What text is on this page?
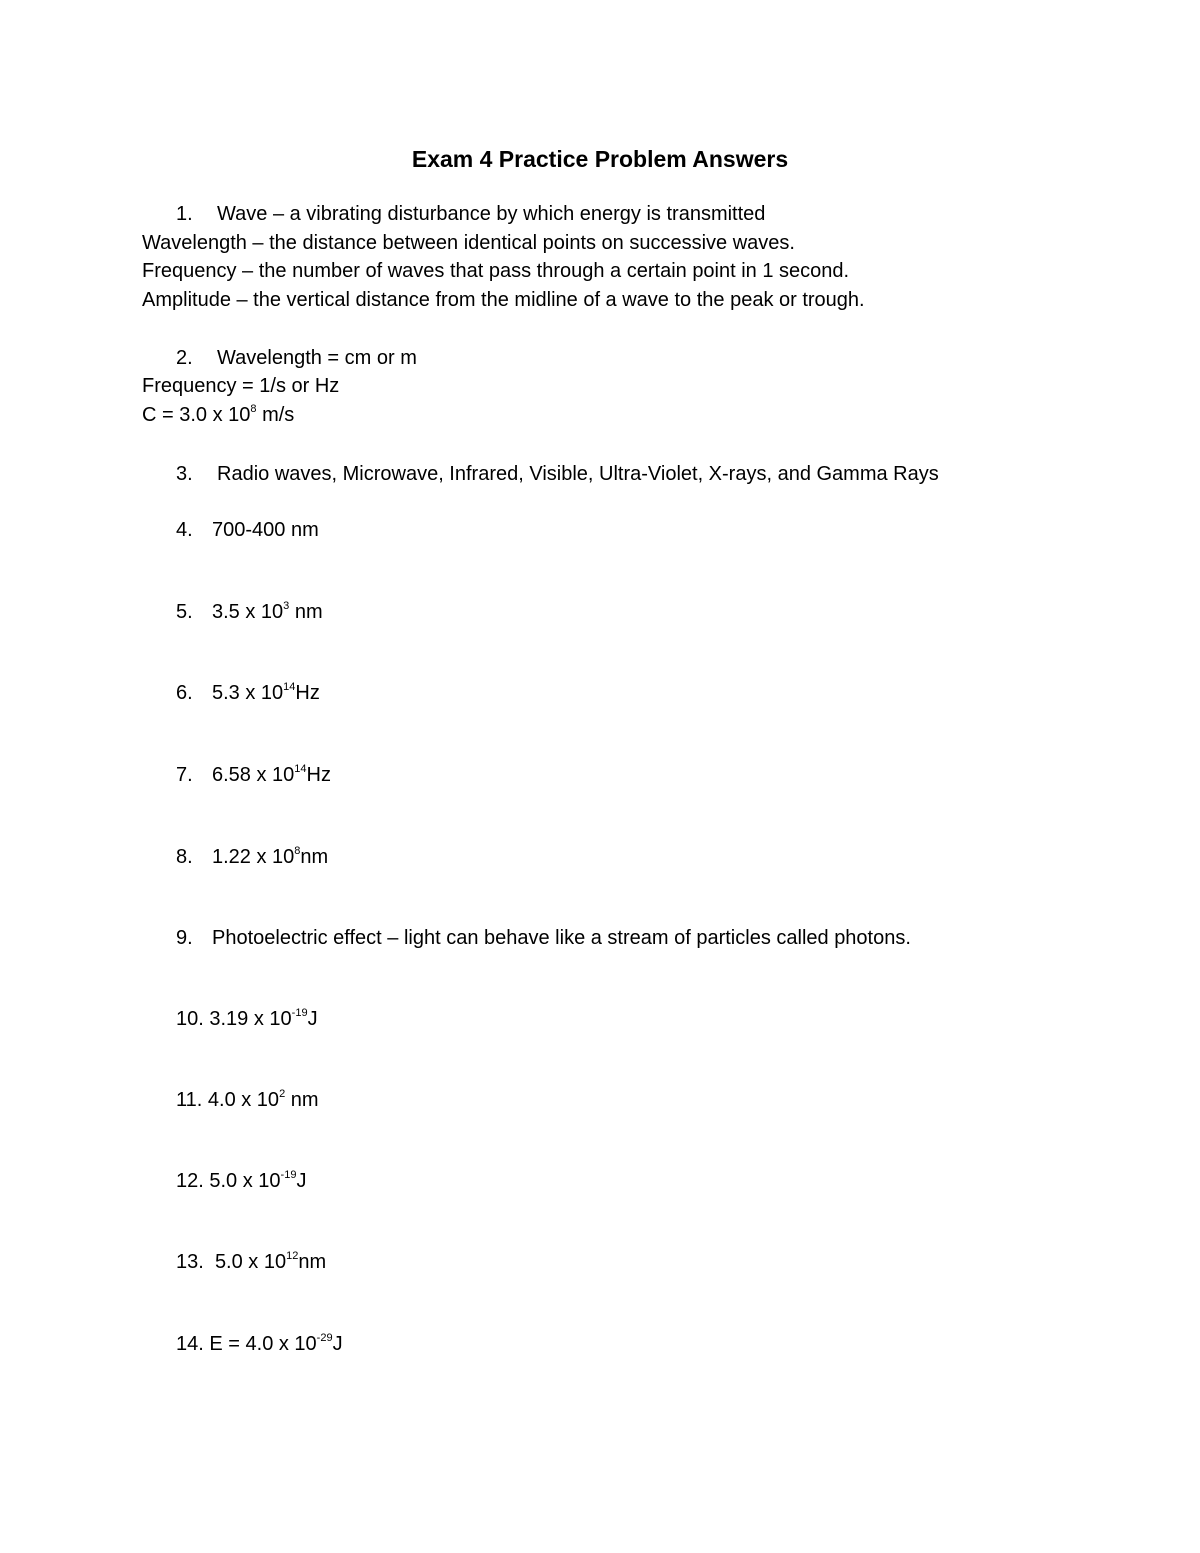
Exam 4 Practice Problem Answers
1. Wave – a vibrating disturbance by which energy is transmitted
Wavelength – the distance between identical points on successive waves.
Frequency – the number of waves that pass through a certain point in 1 second.
Amplitude – the vertical distance from the midline of a wave to the peak or trough.
2. Wavelength = cm or m
Frequency = 1/s or Hz
C = 3.0 x $10^8$ m/s
3. Radio waves, Microwave, Infrared, Visible, Ultra-Violet, X-rays, and Gamma Rays
4. 700-400 nm
5. 3.5 x $10^3$ nm
6. 5.3 x $10^{14}Hz$
7. 6.58 x $10^{14}Hz$
8. 1.22 x $10^8nm$
9. Photoelectric effect – light can behave like a stream of particles called photons.
10. 3.19 x $10^{-19}J$
11. 4.0 x $10^2$ nm
12. 5.0 x $10^{-19}J$
13. 5.0 x $10^{12}nm$
14. E = 4.0 x $10^{-29}J$
